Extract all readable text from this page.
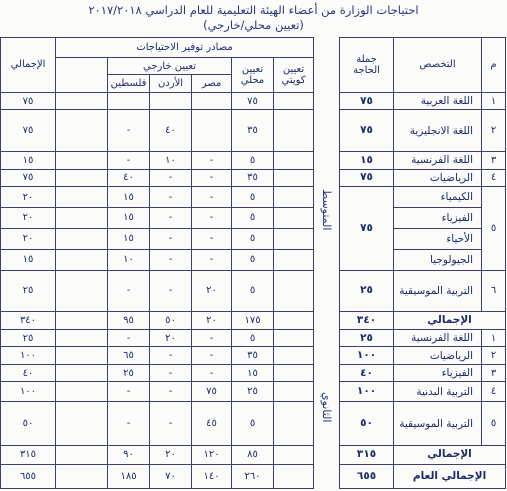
احتياجات الوزارة من أعضاء الهيئة التعليمية للعام الدراسي ٢٠١٧/٢٠١٨
(تعيين محلي/خارجي)
م	التخصص	جملة الحاجة		مصادر توفير الاحتياجات						الإجمالي
				تعيين كويتي	تعيين محلي	تعيين خارجي				
						مصر	الأردن	فلسطين		
١	اللغة العربية	٧٥	المتوسط		٧٥					٧٥
٢	اللغة الانجليزية	٧٥			٣٥		٤٠	-		٧٥
٣	اللغة الفرنسية	١٥			٥	-	١٠	-		١٥
٤	الرياضيات	٧٥			٣٥	-	-	٤٠		٧٥
٥	الكيمياء	٧٥			٥	-	-	١٥		٢٠
	الفيزياء				٥	-	-	١٥		٢٠
	الأحياء				٥	-	-	١٥		٢٠
	الجيولوجيا				٥	-	-	١٠		١٥
٦	التربية الموسيقية	٢٥			٥	٢٠	-	-		٢٥
الإجمالي		٣٤٠			١٧٥	٢٠	٥٠	٩٥		٣٤٠
١	اللغة الفرنسية	٢٥	الثانوي		٥	-	٢٠	-		٢٥
٢	الرياضيات	١٠٠			٣٥	-	-	٦٥		١٠٠
٣	الفيزياء	٤٠			١٥	-	-	٢٥		٤٠
٤	التربية البدنية	١٠٠			٢٥	٧٥	-	-		١٠٠
٥	التربية الموسيقية	٥٠			٥	٤٥	-	-		٥٠
الإجمالي		٣١٥			٨٥	١٢٠	٢٠	٩٠		٣١٥
الإجمالي العام		٦٥٥			٢٦٠	١٤٠	٧٠	١٨٥		٦٥٥
